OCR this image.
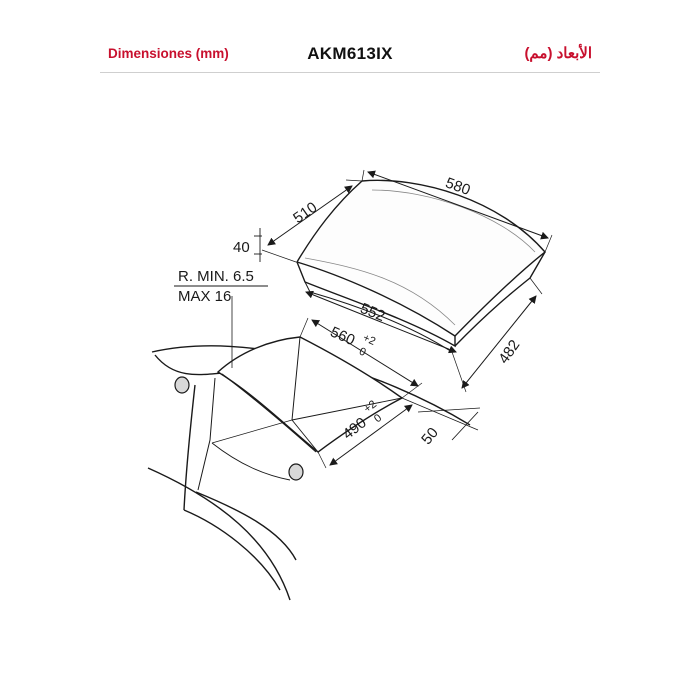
Dimensiones (mm)	AKM613IX	الأبعاد (مم)
510
580
40
R. MIN. 6.5
MAX 16
552
560 +2
0
490
+2
0
482
50
